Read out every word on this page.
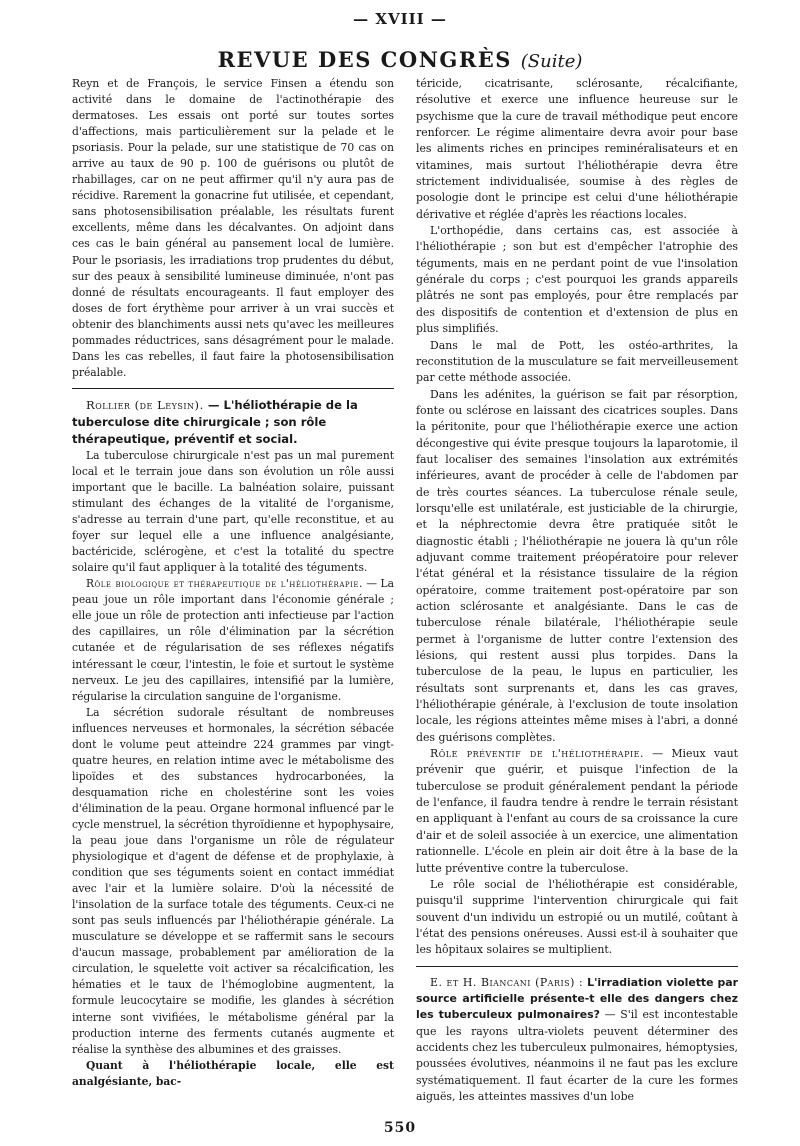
— XVIII —
REVUE DES CONGRÈS (Suite)

Reyn et de François, le service Finsen a étendu son activité dans le domaine de l'actinothérapie des dermatoses. Les essais ont porté sur toutes sortes d'affections, mais particulièrement sur la pelade et le psoriasis. Pour la pelade, sur une statistique de 70 cas on arrive au taux de 90 p. 100 de guérisons ou plutôt de rhabillages, car on ne peut affirmer qu'il n'y aura pas de récidive. Rarement la gonacrine fut utilisée, et cependant, sans photosensibilisation préalable, les résultats furent excellents, même dans les décalvantes. On adjoint dans ces cas le bain général au pansement local de lumière. Pour le psoriasis, les irradiations trop prudentes du début, sur des peaux à sensibilité lumineuse diminuée, n'ont pas donné de résultats encourageants. Il faut employer des doses de fort érythème pour arriver à un vrai succès et obtenir des blanchiments aussi nets qu'avec les meilleures pommades réductrices, sans désagrément pour le malade. Dans les cas rebelles, il faut faire la photosensibilisation préalable.

Rollier (de Leysin). — L'héliothérapie de la tuberculose dite chirurgicale ; son rôle thérapeutique, préventif et social.

La tuberculose chirurgicale n'est pas un mal purement local et le terrain joue dans son évolution un rôle aussi important que le bacille. La balnéation solaire, puissant stimulant des échanges de la vitalité de l'organisme, s'adresse au terrain d'une part, qu'elle reconstitue, et au foyer sur lequel elle a une influence analgésiante, bactéricide, sclérogène, et c'est la totalité du spectre solaire qu'il faut appliquer à la totalité des téguments.

Rôle biologique et thérapeutique de l'héliothérapie. — La peau joue un rôle important dans l'économie générale ; elle joue un rôle de protection anti infectieuse par l'action des capillaires, un rôle d'élimination par la sécrétion cutanée et de régularisation de ses réflexes négatifs intéressant le cœur, l'intestin, le foie et surtout le système nerveux. Le jeu des capillaires, intensifié par la lumière, régularise la circulation sanguine de l'organisme.

La sécrétion sudorale résultant de nombreuses influences nerveuses et hormonales, la sécrétion sébacée dont le volume peut atteindre 224 grammes par vingt-quatre heures, en relation intime avec le métabolisme des lipoïdes et des substances hydrocarbonées, la desquamation riche en cholestérine sont les voies d'élimination de la peau. Organe hormonal influencé par le cycle menstruel, la sécrétion thyroïdienne et hypophysaire, la peau joue dans l'organisme un rôle de régulateur physiologique et d'agent de défense et de prophylaxie, à condition que ses téguments soient en contact immédiat avec l'air et la lumière solaire. D'où la nécessité de l'insolation de la surface totale des téguments. Ceux-ci ne sont pas seuls influencés par l'héliothérapie générale. La musculature se développe et se raffermit sans le secours d'aucun massage, probablement par amélioration de la circulation, le squelette voit activer sa récalcification, les hématies et le taux de l'hémoglobine augmentent, la formule leucocytaire se modifie, les glandes à sécrétion interne sont vivifiées, le métabolisme général par la production interne des ferments cutanés augmente et réalise la synthèse des albumines et des graisses.

Quant à l'héliothérapie locale, elle est analgésiante, bac-

téricide, cicatrisante, sclérosante, récalcifiante, résolutive et exerce une influence heureuse sur le psychisme que la cure de travail méthodique peut encore renforcer. Le régime alimentaire devra avoir pour base les aliments riches en principes reminéralisateurs et en vitamines, mais surtout l'héliothérapie devra être strictement individualisée, soumise à des règles de posologie dont le principe est celui d'une héliothérapie dérivative et réglée d'après les réactions locales.

L'orthopédie, dans certains cas, est associée à l'héliothérapie ; son but est d'empêcher l'atrophie des téguments, mais en ne perdant point de vue l'insolation générale du corps ; c'est pourquoi les grands appareils plâtrés ne sont pas employés, pour être remplacés par des dispositifs de contention et d'extension de plus en plus simplifiés.

Dans le mal de Pott, les ostéo-arthrites, la reconstitution de la musculature se fait merveilleusement par cette méthode associée.

Dans les adénites, la guérison se fait par résorption, fonte ou sclérose en laissant des cicatrices souples. Dans la péritonite, pour que l'héliothérapie exerce une action décongestive qui évite presque toujours la laparotomie, il faut localiser des semaines l'insolation aux extrémités inférieures, avant de procéder à celle de l'abdomen par de très courtes séances. La tuberculose rénale seule, lorsqu'elle est unilatérale, est justiciable de la chirurgie, et la néphrectomie devra être pratiquée sitôt le diagnostic établi ; l'héliothérapie ne jouera là qu'un rôle adjuvant comme traitement préopératoire pour relever l'état général et la résistance tissulaire de la région opératoire, comme traitement post-opératoire par son action sclérosante et analgésiante. Dans le cas de tuberculose rénale bilatérale, l'héliothérapie seule permet à l'organisme de lutter contre l'extension des lésions, qui restent aussi plus torpides. Dans la tuberculose de la peau, le lupus en particulier, les résultats sont surprenants et, dans les cas graves, l'héliothérapie générale, à l'exclusion de toute insolation locale, les régions atteintes même mises à l'abri, a donné des guérisons complètes.

Rôle préventif de l'héliothérapie. — Mieux vaut prévenir que guérir, et puisque l'infection de la tuberculose se produit généralement pendant la période de l'enfance, il faudra tendre à rendre le terrain résistant en appliquant à l'enfant au cours de sa croissance la cure d'air et de soleil associée à un exercice, une alimentation rationnelle. L'école en plein air doit être à la base de la lutte préventive contre la tuberculose.

Le rôle social de l'héliothérapie est considérable, puisqu'il supprime l'intervention chirurgicale qui fait souvent d'un individu un estropié ou un mutilé, coûtant à l'état des pensions onéreuses. Aussi est-il à souhaiter que les hôpitaux solaires se multiplient.

E. et H. Biancani (Paris) : L'irradiation violette par source artificielle présente-t elle des dangers chez les tuberculeux pulmonaires? — S'il est incontestable que les rayons ultra-violets peuvent déterminer des accidents chez les tuberculeux pulmonaires, hémoptysies, poussées évolutives, néanmoins il ne faut pas les exclure systématiquement. Il faut écarter de la cure les formes aiguës, les atteintes massives d'un lobe

550
